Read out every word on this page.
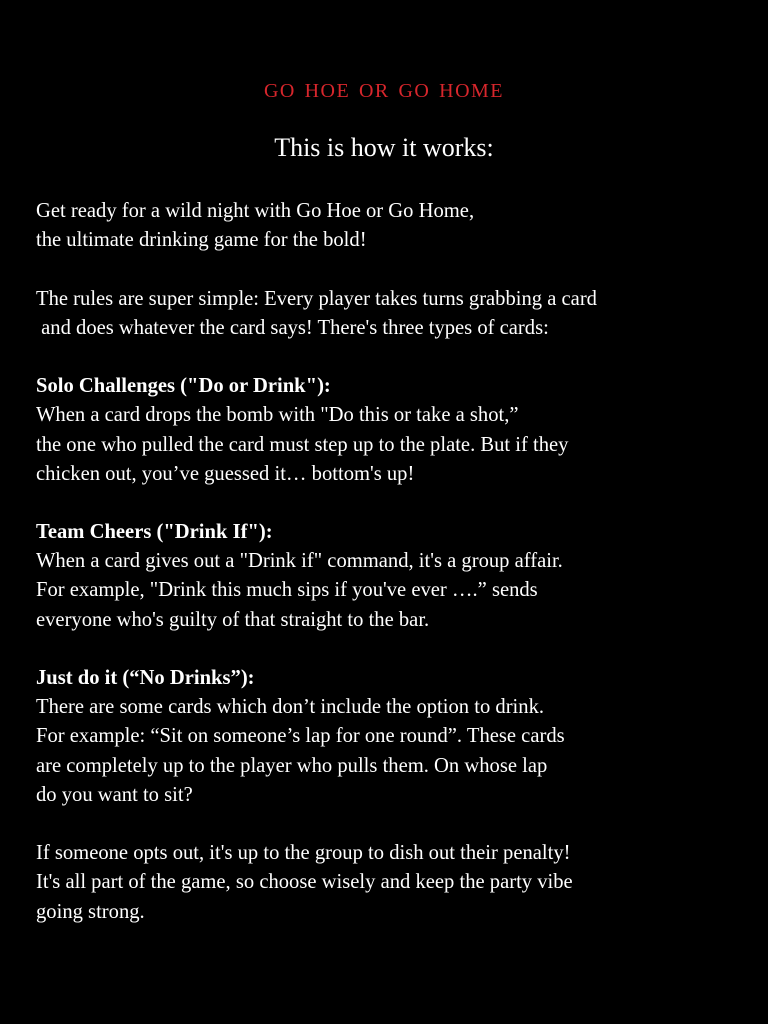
go hoe or go home
This is how it works:
Get ready for a wild night with Go Hoe or Go Home,
the ultimate drinking game for the bold!
The rules are super simple: Every player takes turns grabbing a card
and does whatever the card says! There's three types of cards:
Solo Challenges ("Do or Drink"):
When a card drops the bomb with "Do this or take a shot,”
the one who pulled the card must step up to the plate. But if they
chicken out, you’ve guessed it… bottom's up!
Team Cheers ("Drink If"):
When a card gives out a "Drink if" command, it's a group affair.
For example, "Drink this much sips if you've ever ….” sends
everyone who's guilty of that straight to the bar.
Just do it (“No Drinks”):
There are some cards which don’t include the option to drink.
For example: “Sit on someone’s lap for one round”. These cards
are completely up to the player who pulls them. On whose lap
do you want to sit?
If someone opts out, it's up to the group to dish out their penalty!
It's all part of the game, so choose wisely and keep the party vibe
going strong.
